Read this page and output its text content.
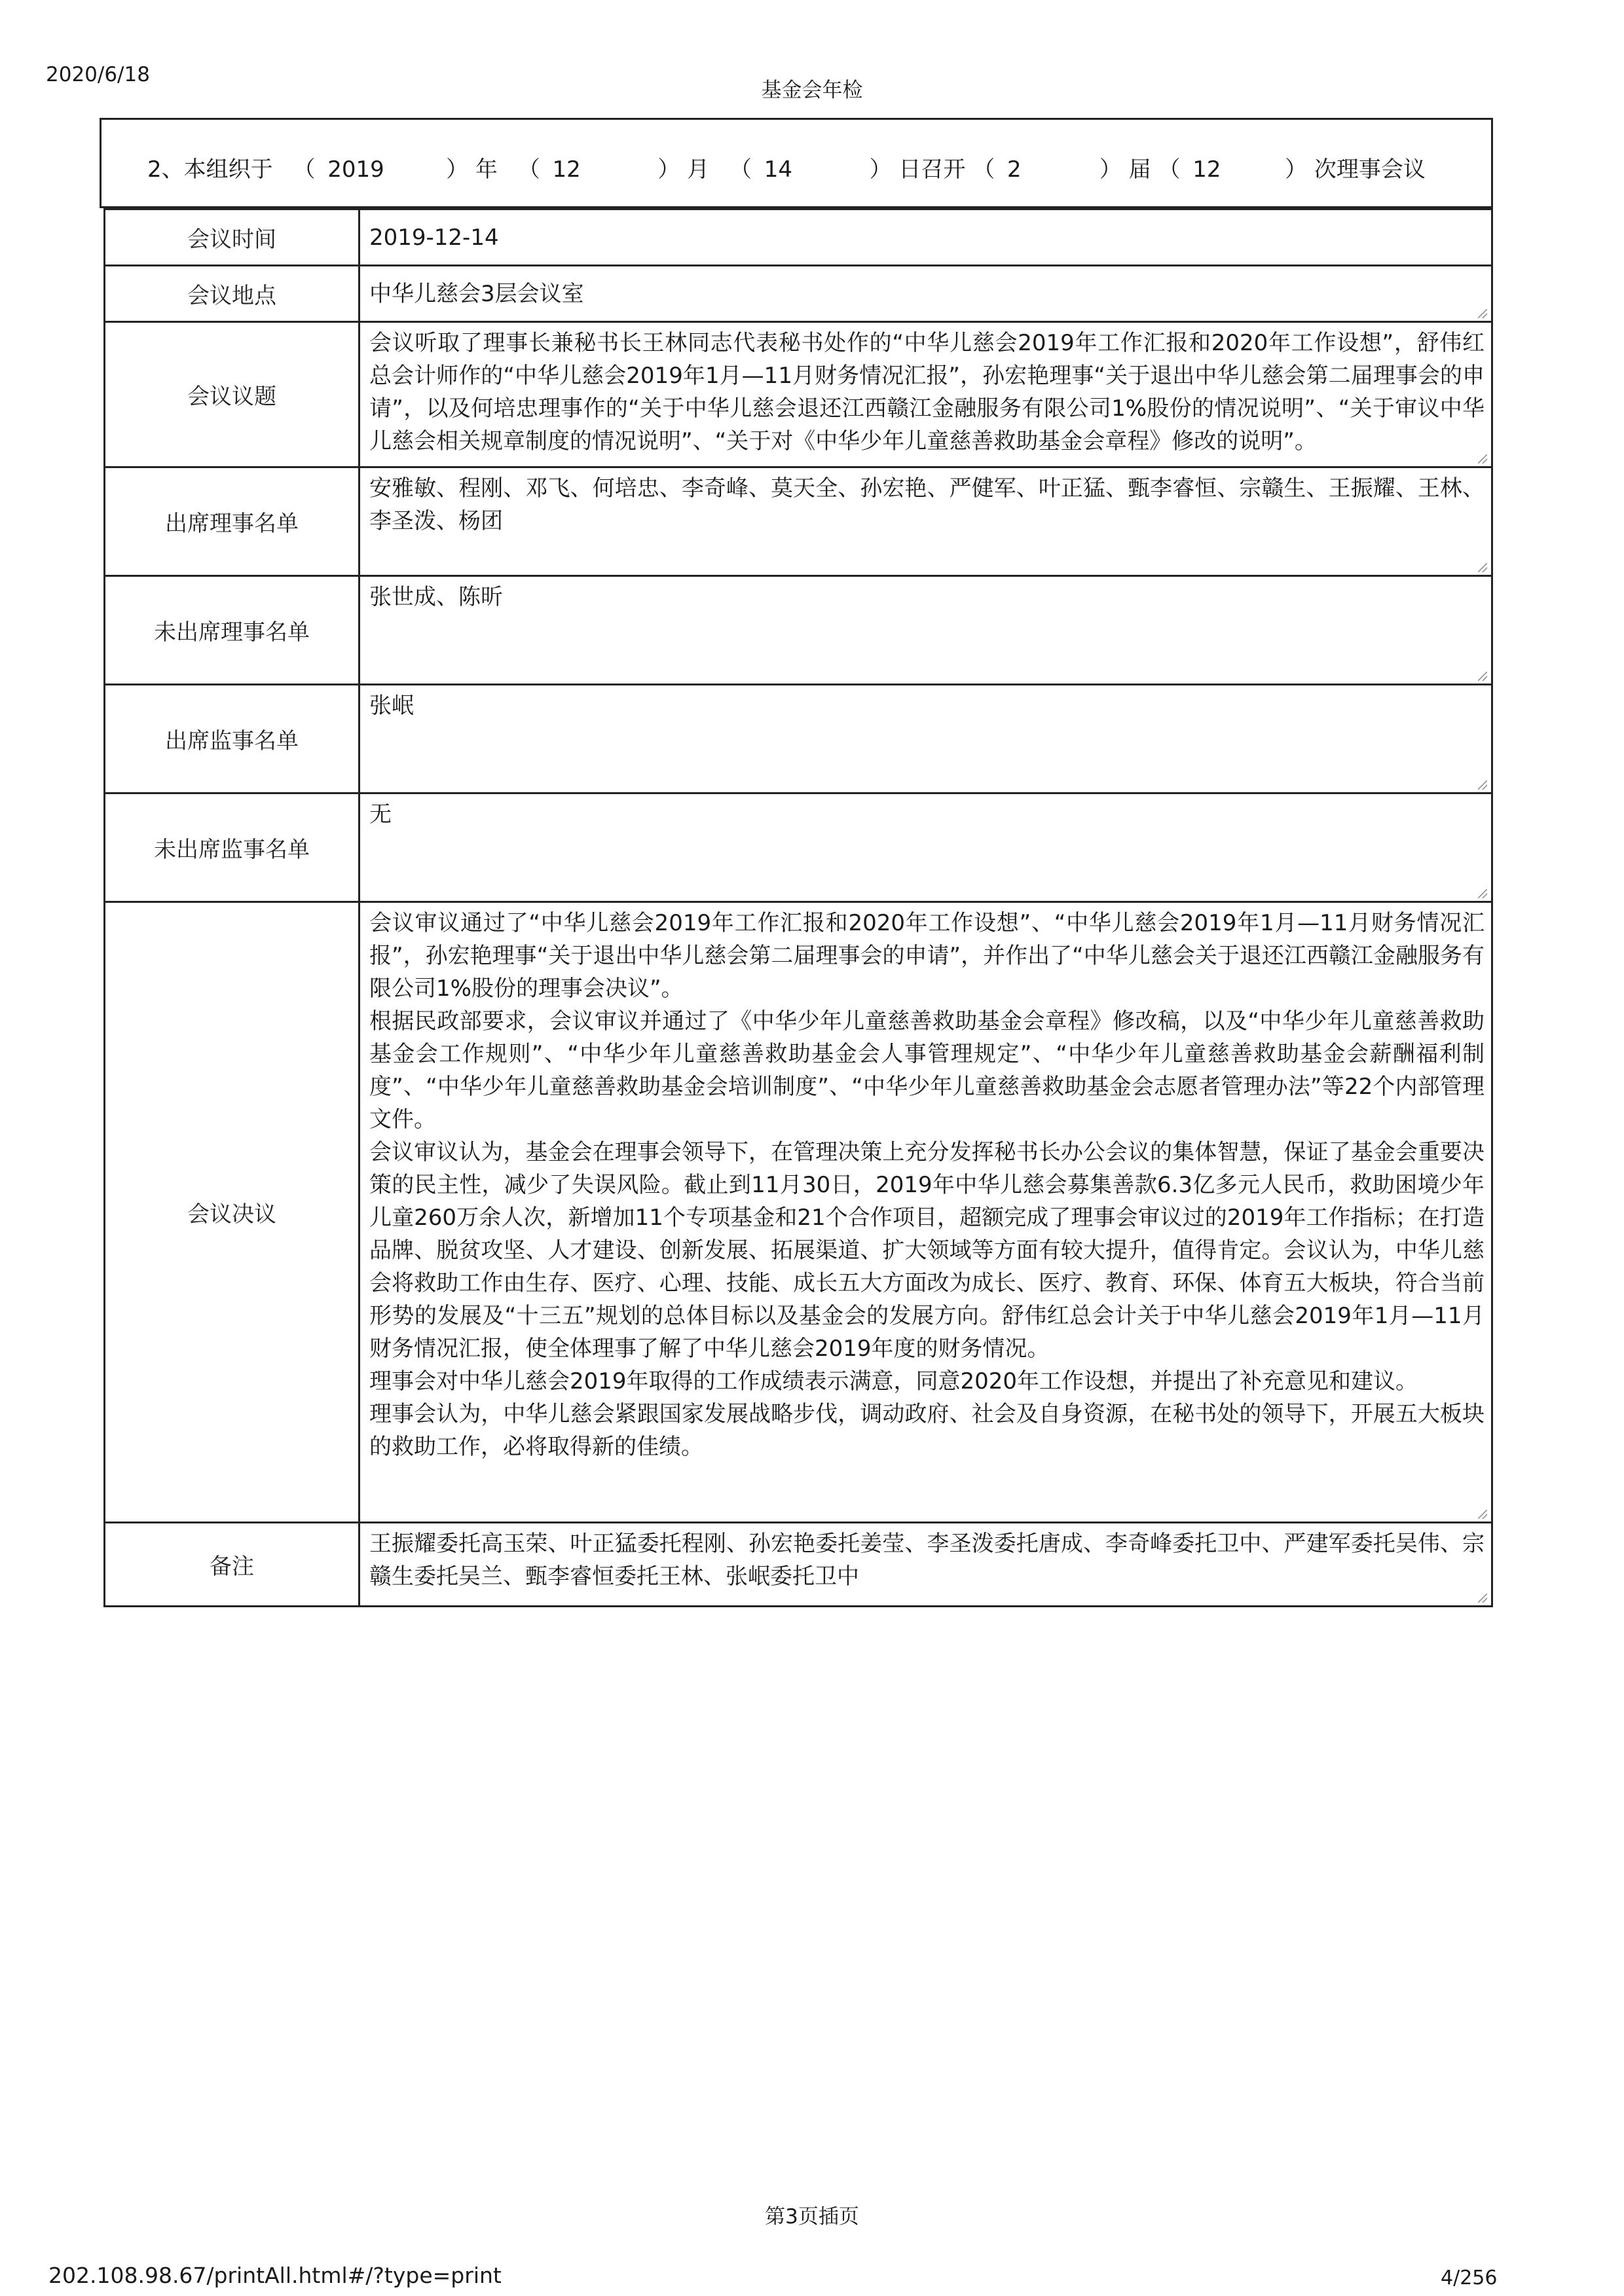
2020/6/18
基金会年检
2、本组织于 （ 2019	） 年 （ 12	） 月 （ 14	） 日召开 （ 2	） 届 （ 12	） 次理事会议
会议时间	2019-12-14
会议地点	中华儿慈会3层会议室

会议议题	会议听取了理事长兼秘书长王林同志代表秘书处作的“中华儿慈会2019年工作汇报和2020年工作设想”，舒伟红总会计师作的“中华儿慈会2019年1月—11月财务情况汇报”，孙宏艳理事“关于退出中华儿慈会第二届理事会的申请”，以及何培忠理事作的“关于中华儿慈会退还江西赣江金融服务有限公司1%股份的情况说明”、“关于审议中华儿慈会相关规章制度的情况说明”、“关于对《中华少年儿童慈善救助基金会章程》修改的说明”。

出席理事名单	安雅敏、程刚、邓飞、何培忠、李奇峰、莫天全、孙宏艳、严健军、叶正猛、甄李睿恒、宗赣生、王振耀、王林、李圣泼、杨团

未出席理事名单	张世成、陈昕

出席监事名单	张岷

未出席监事名单	无

会议决议	会议审议通过了“中华儿慈会2019年工作汇报和2020年工作设想”、“中华儿慈会2019年1月—11月财务情况汇报”，孙宏艳理事“关于退出中华儿慈会第二届理事会的申请”，并作出了“中华儿慈会关于退还江西赣江金融服务有限公司1%股份的理事会决议”。

根据民政部要求，会议审议并通过了《中华少年儿童慈善救助基金会章程》修改稿，以及“中华少年儿童慈善救助基金会工作规则”、“中华少年儿童慈善救助基金会人事管理规定”、“中华少年儿童慈善救助基金会薪酬福利制度”、“中华少年儿童慈善救助基金会培训制度”、“中华少年儿童慈善救助基金会志愿者管理办法”等22个内部管理文件。

会议审议认为，基金会在理事会领导下，在管理决策上充分发挥秘书长办公会议的集体智慧，保证了基金会重要决策的民主性，减少了失误风险。截止到11月30日，2019年中华儿慈会募集善款6.3亿多元人民币，救助困境少年儿童260万余人次，新增加11个专项基金和21个合作项目，超额完成了理事会审议过的2019年工作指标；在打造品牌、脱贫攻坚、人才建设、创新发展、拓展渠道、扩大领域等方面有较大提升，值得肯定。会议认为，中华儿慈会将救助工作由生存、医疗、心理、技能、成长五大方面改为成长、医疗、教育、环保、体育五大板块，符合当前形势的发展及“十三五”规划的总体目标以及基金会的发展方向。舒伟红总会计关于中华儿慈会2019年1月—11月财务情况汇报，使全体理事了解了中华儿慈会2019年度的财务情况。

理事会对中华儿慈会2019年取得的工作成绩表示满意，同意2020年工作设想，并提出了补充意见和建议。

理事会认为，中华儿慈会紧跟国家发展战略步伐，调动政府、社会及自身资源，在秘书处的领导下，开展五大板块的救助工作，必将取得新的佳绩。

备注	王振耀委托高玉荣、叶正猛委托程刚、孙宏艳委托姜莹、李圣泼委托唐成、李奇峰委托卫中、严建军委托吴伟、宗赣生委托吴兰、甄李睿恒委托王林、张岷委托卫中

第3页插页
202.108.98.67/printAll.html#/?type=print	4/256
